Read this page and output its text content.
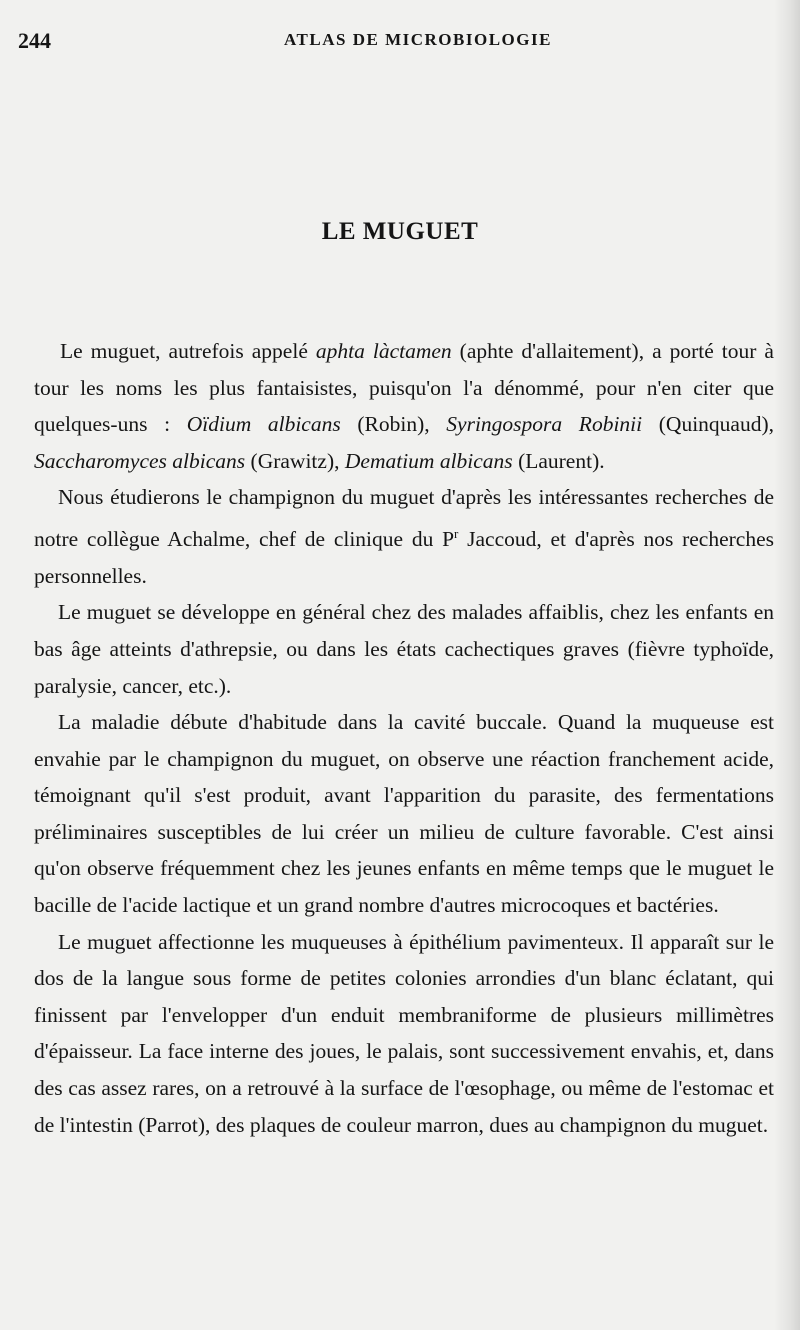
244	ATLAS DE MICROBIOLOGIE
LE MUGUET

Le muguet, autrefois appelé aphta làctamen (aphte d'allaitement), a porté tour à tour les noms les plus fantaisistes, puisqu'on l'a dénommé, pour n'en citer que quelques-uns : Oïdium albicans (Robin), Syringospora Robinii (Quinquaud), Saccharomyces albicans (Grawitz), Dematium albicans (Laurent).

Nous étudierons le champignon du muguet d'après les intéressantes recherches de notre collègue Achalme, chef de clinique du $P^r$ Jaccoud, et d'après nos recherches personnelles.

Le muguet se développe en général chez des malades affaiblis, chez les enfants en bas âge atteints d'athrepsie, ou dans les états cachectiques graves (fièvre typhoïde, paralysie, cancer, etc.).

La maladie débute d'habitude dans la cavité buccale. Quand la muqueuse est envahie par le champignon du muguet, on observe une réaction franchement acide, témoignant qu'il s'est produit, avant l'apparition du parasite, des fermentations préliminaires susceptibles de lui créer un milieu de culture favorable. C'est ainsi qu'on observe fréquemment chez les jeunes enfants en même temps que le muguet le bacille de l'acide lactique et un grand nombre d'autres microcoques et bactéries.

Le muguet affectionne les muqueuses à épithélium pavimenteux. Il apparaît sur le dos de la langue sous forme de petites colonies arrondies d'un blanc éclatant, qui finissent par l'envelopper d'un enduit membraniforme de plusieurs millimètres d'épaisseur. La face interne des joues, le palais, sont successivement envahis, et, dans des cas assez rares, on a retrouvé à la surface de l'œsophage, ou même de l'estomac et de l'intestin (Parrot), des plaques de couleur marron, dues au champignon du muguet.
